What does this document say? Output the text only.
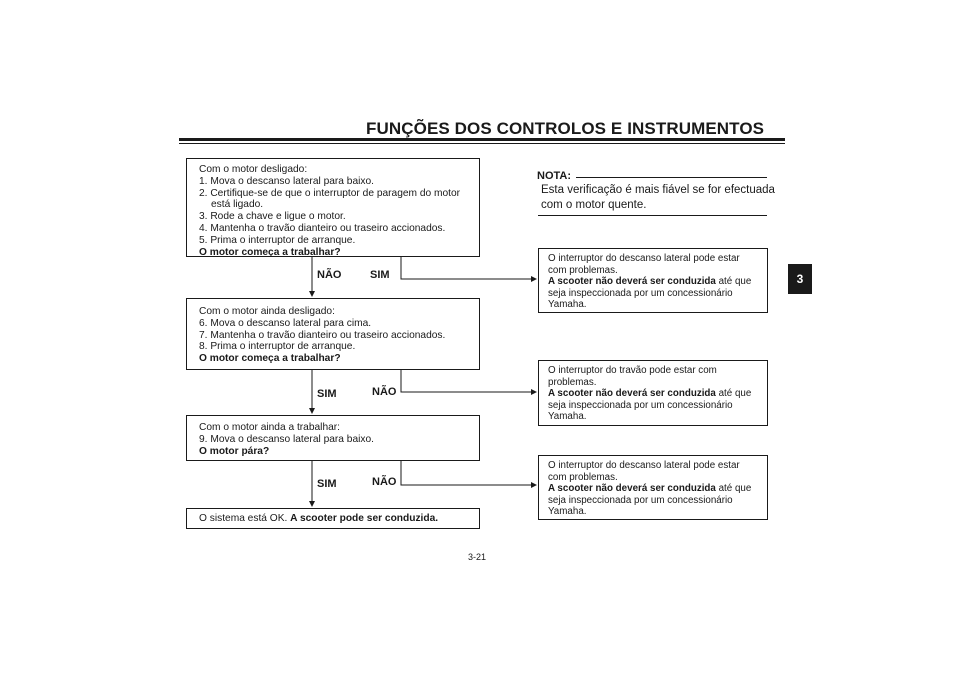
FUNÇÕES DOS CONTROLOS E INSTRUMENTOS
3
Com o motor desligado:
1. Mova o descanso lateral para baixo.
2. Certifique-se de que o interruptor de paragem do motor
está ligado.
3. Rode a chave e ligue o motor.
4. Mantenha o travão dianteiro ou traseiro accionados.
5. Prima o interruptor de arranque.
O motor começa a trabalhar?
NÃO	SIM
Com o motor ainda desligado:
6. Mova o descanso lateral para cima.
7. Mantenha o travão dianteiro ou traseiro accionados.
8. Prima o interruptor de arranque.
O motor começa a trabalhar?
SIM	NÃO
Com o motor ainda a trabalhar:
9. Mova o descanso lateral para baixo.
O motor pára?
SIM	NÃO
O sistema está OK. A scooter pode ser conduzida.
NOTA:
Esta verificação é mais fiável se for efectuada
com o motor quente.
O interruptor do descanso lateral pode estar
com problemas.
A scooter não deverá ser conduzida até que
seja inspeccionada por um concessionário
Yamaha.
O interruptor do travão pode estar com
problemas.
A scooter não deverá ser conduzida até que
seja inspeccionada por um concessionário
Yamaha.
O interruptor do descanso lateral pode estar
com problemas.
A scooter não deverá ser conduzida até que
seja inspeccionada por um concessionário
Yamaha.
3-21
